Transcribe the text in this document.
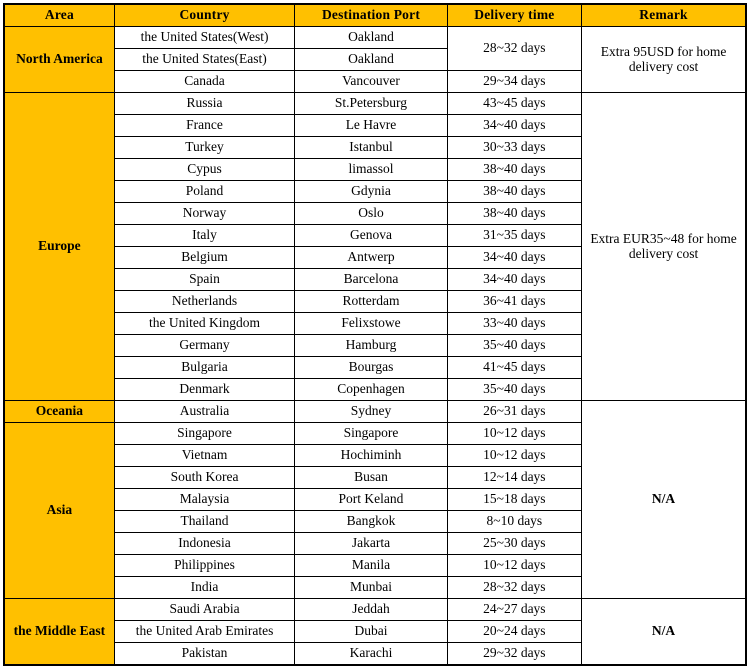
Area	Country	Destination Port	Delivery time	Remark
North America	the United States(West)	Oakland	28~32 days	Extra 95USD for home delivery cost
	the United States(East)	Oakland		
	Canada	Vancouver	29~34 days	
Europe	Russia	St.Petersburg	43~45 days	Extra EUR35~48 for home delivery cost
	France	Le Havre	34~40 days	
	Turkey	Istanbul	30~33 days	
	Cypus	limassol	38~40 days	
	Poland	Gdynia	38~40 days	
	Norway	Oslo	38~40 days	
	Italy	Genova	31~35 days	
	Belgium	Antwerp	34~40 days	
	Spain	Barcelona	34~40 days	
	Netherlands	Rotterdam	36~41 days	
	the United Kingdom	Felixstowe	33~40 days	
	Germany	Hamburg	35~40 days	
	Bulgaria	Bourgas	41~45 days	
	Denmark	Copenhagen	35~40 days	
Oceania	Australia	Sydney	26~31 days	N/A
Asia	Singapore	Singapore	10~12 days	
	Vietnam	Hochiminh	10~12 days	
	South Korea	Busan	12~14 days	
	Malaysia	Port Keland	15~18 days	
	Thailand	Bangkok	8~10 days	
	Indonesia	Jakarta	25~30 days	
	Philippines	Manila	10~12 days	
	India	Munbai	28~32 days	
the Middle East	Saudi Arabia	Jeddah	24~27 days	N/A
	the United Arab Emirates	Dubai	20~24 days	
	Pakistan	Karachi	29~32 days	
